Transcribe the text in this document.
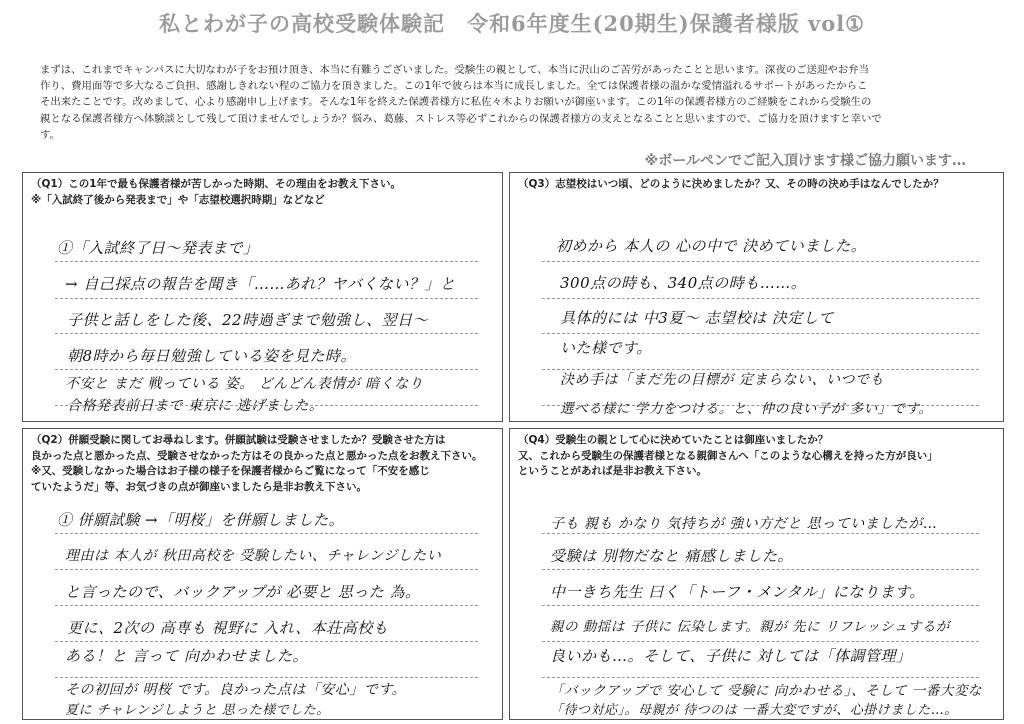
私とわが子の高校受験体験記　令和6年度生(20期生)保護者様版 vol①

まずは、これまでキャンパスに大切なわが子をお預け頂き、本当に有難うございました。受験生の親として、本当に沢山のご苦労があったことと思います。深夜のご送迎やお弁当

作り、費用面等で多大なるご負担、感謝しきれない程のご協力を頂きました。この1年で彼らは本当に成長しました。全ては保護者様の温かな愛情溢れるサポートがあったからこ

そ出来たことです。改めまして、心より感謝申し上げます。そんな1年を終えた保護者様方に私佐々木よりお願いが御座います。この1年の保護者様方のご経験をこれから受験生の

親となる保護者様方へ体験談として残して頂けませんでしょうか？悩み、葛藤、ストレス等必ずこれからの保護者様方の支えとなることと思いますので、ご協力を頂けますと幸いで

す。

※ボールペンでご記入頂けます様ご協力願います…
（Q1）この1年で最も保護者様が苦しかった時期、その理由をお教え下さい。
※「入試終了後から発表まで」や「志望校選択時期」などなど
①「入試終了日～発表まで」
→ 自己採点の報告を聞き「……あれ？ヤバくない？」と
子供と話しをした後、22時過ぎまで勉強し、翌日～
朝8時から毎日勉強している姿を見た時。
不安と まだ 戦っている 姿。 どんどん表情が 暗くなり
合格発表前日まで 東京に 逃げました。
（Q3）志望校はいつ頃、どのように決めましたか？又、その時の決め手はなんでしたか？
初めから 本人の 心の中で 決めていました。
300点の時も、340点の時も……。
具体的には 中3夏～ 志望校は 決定して
いた様です。
決め手は「まだ先の目標が 定まらない、いつでも
選べる様に 学力をつける。と、仲の良い子が 多い」です。
（Q2）併願受験に関してお尋ねします。併願試験は受験させましたか？受験させた方は
良かった点と悪かった点、受験させなかった方はその良かった点と悪かった点をお教え下さい。
※又、受験しなかった場合はお子様の様子を保護者様からご覧になって「不安を感じ
ていたようだ」等、お気づきの点が御座いましたら是非お教え下さい。
① 併願試験 →「明桜」を併願しました。
理由は 本人が 秋田高校を 受験したい、チャレンジしたい
と言ったので、バックアップが 必要と 思った 為。
更に、2次の 高専も 視野に 入れ、本荘高校も
ある！と 言って 向かわせました。
その初回が 明桜 です。良かった点は「安心」です。
夏に チャレンジしようと 思った様でした。
（Q4）受験生の親として心に決めていたことは御座いましたか？
又、これから受験生の保護者様となる親御さんへ「このような心構えを持った方が良い」
ということがあれば是非お教え下さい。
子も 親も かなり 気持ちが 強い方だと 思っていましたが…
受験は 別物だなと 痛感しました。
中一きち先生 曰く「トーフ・メンタル」になります。
親の 動揺は 子供に 伝染します。親が 先に リフレッシュするが
良いかも…。そして、子供に 対しては「体調管理」
「バックアップで 安心して 受験に 向かわせる」、そして 一番大変な
「待つ対応」。母親が 待つのは 一番大変ですが、心掛けました…。
